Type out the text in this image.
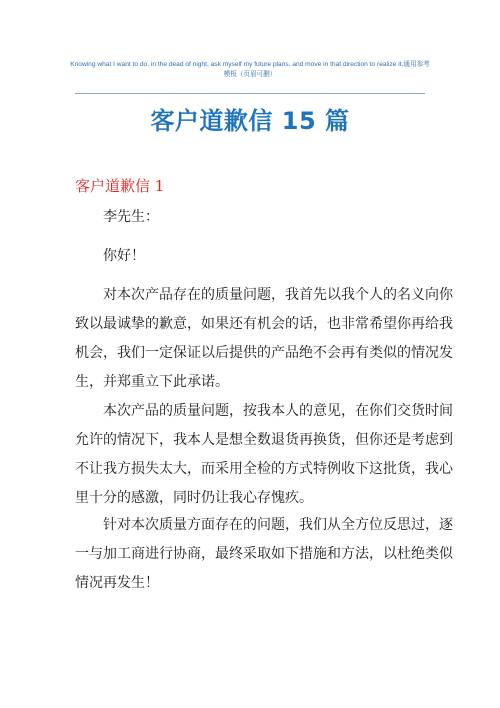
Knowing what I want to do, in the dead of night, ask myself my future plans, and move in that direction to realize it.通用参考模板（页眉可删）
客户道歉信 15 篇
客户道歉信 1

李先生：

你好！

对本次产品存在的质量问题，我首先以我个人的名义向你
致以最诚挚的歉意，如果还有机会的话，也非常希望你再给我
机会，我们一定保证以后提供的产品绝不会再有类似的情况发
生，并郑重立下此承诺。
本次产品的质量问题，按我本人的意见，在你们交货时间
允许的情况下，我本人是想全数退货再换货，但你还是考虑到
不让我方损失太大，而采用全检的方式特例收下这批货，我心
里十分的感激，同时仍让我心存愧疚。
针对本次质量方面存在的问题，我们从全方位反思过，逐
一与加工商进行协商，最终采取如下措施和方法，以杜绝类似
情况再发生！
